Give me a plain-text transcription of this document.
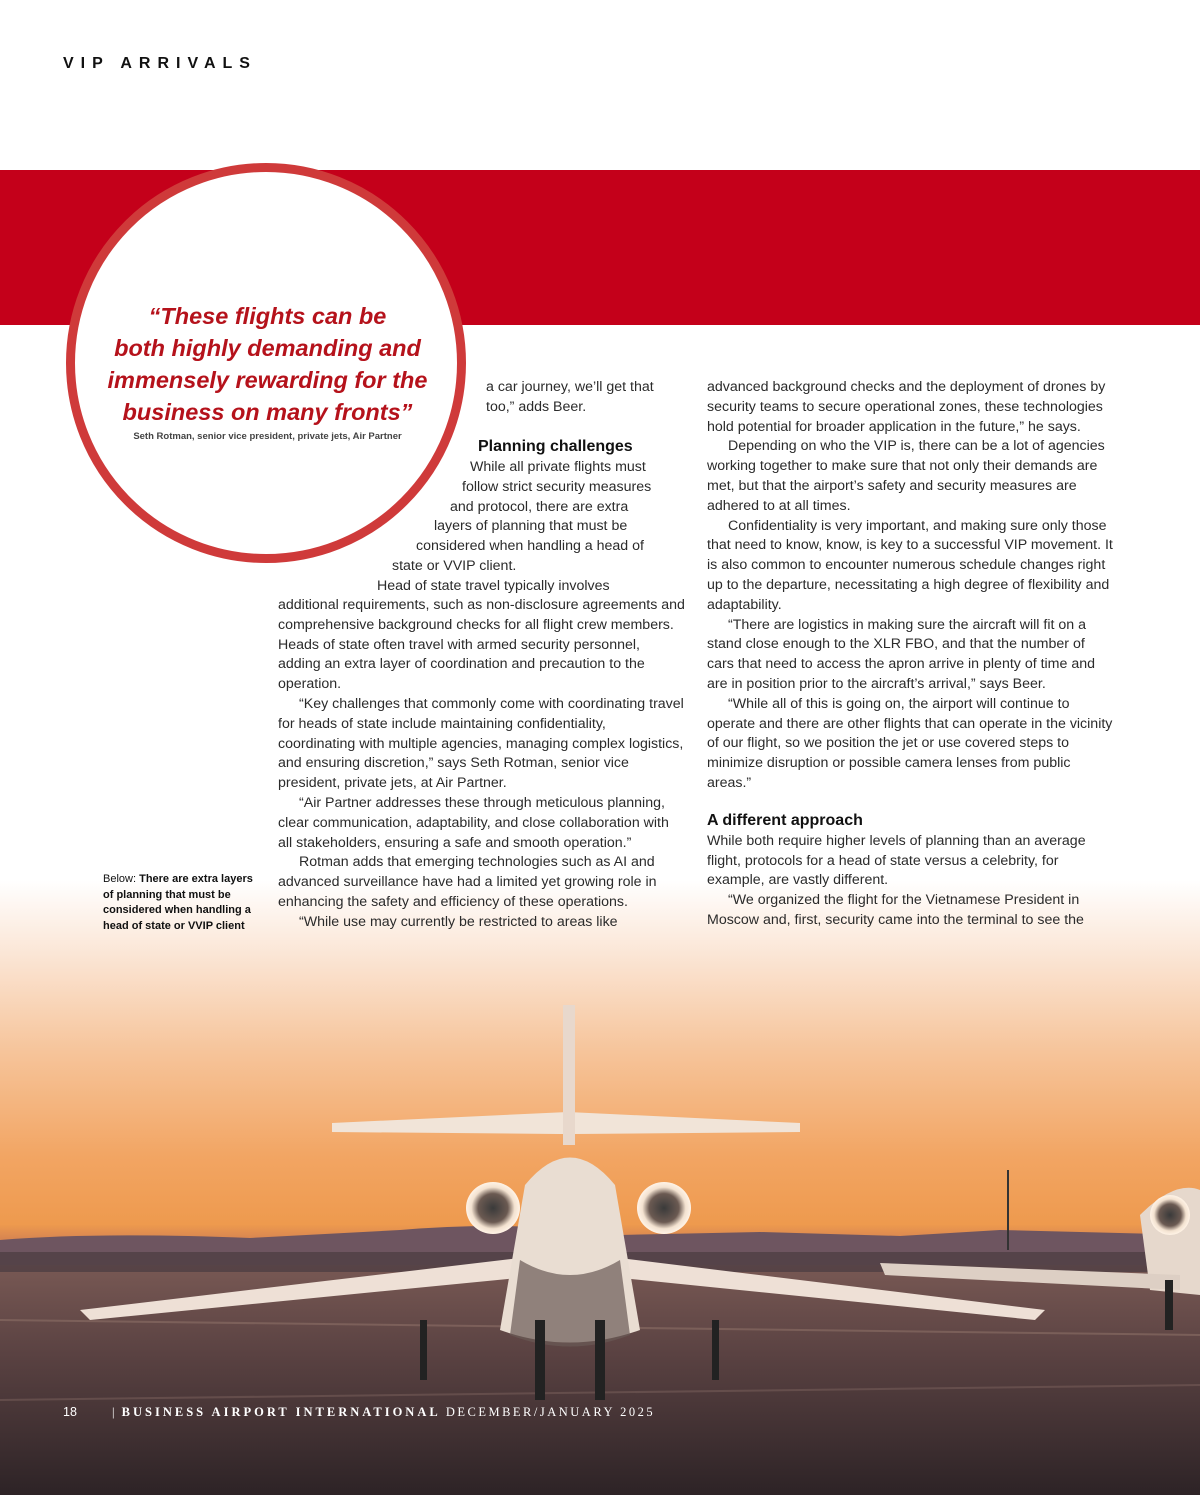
VIP ARRIVALS
“These flights can be
both highly demanding and
immensely rewarding for the
business on many fronts”
Seth Rotman, senior vice president, private jets, Air Partner

a car journey, we’ll get that

too,” adds Beer.

Planning challenges

While all private flights must

follow strict security measures

and protocol, there are extra

layers of planning that must be

considered when handling a head of

state or VVIP client.

Head of state travel typically involves

additional requirements, such as non-disclosure agreements and comprehensive background checks for all flight crew members. Heads of state often travel with armed security personnel, adding an extra layer of coordination and precaution to the operation.

“Key challenges that commonly come with coordinating travel for heads of state include maintaining confidentiality, coordinating with multiple agencies, managing complex logistics, and ensuring discretion,” says Seth Rotman, senior vice president, private jets, at Air Partner.

“Air Partner addresses these through meticulous planning, clear communication, adaptability, and close collaboration with all stakeholders, ensuring a safe and smooth operation.”

Rotman adds that emerging technologies such as AI and advanced surveillance have had a limited yet growing role in enhancing the safety and efficiency of these operations.

“While use may currently be restricted to areas like

advanced background checks and the deployment of drones by security teams to secure operational zones, these technologies hold potential for broader application in the future,” he says.

Depending on who the VIP is, there can be a lot of agencies working together to make sure that not only their demands are met, but that the airport’s safety and security measures are adhered to at all times.

Confidentiality is very important, and making sure only those that need to know, know, is key to a successful VIP movement. It is also common to encounter numerous schedule changes right up to the departure, necessitating a high degree of flexibility and adaptability.

“There are logistics in making sure the aircraft will fit on a stand close enough to the XLR FBO, and that the number of cars that need to access the apron arrive in plenty of time and are in position prior to the aircraft’s arrival,” says Beer.

“While all of this is going on, the airport will continue to operate and there are other flights that can operate in the vicinity of our flight, so we position the jet or use covered steps to minimize disruption or possible camera lenses from public areas.”

A different approach

While both require higher levels of planning than an average flight, protocols for a head of state versus a celebrity, for example, are vastly different.

“We organized the flight for the Vietnamese President in Moscow and, first, security came into the terminal to see the

Below: There are extra layers of planning that must be considered when handling a head of state or VVIP client
18	| BUSINESS AIRPORT INTERNATIONAL DECEMBER/JANUARY 2025
